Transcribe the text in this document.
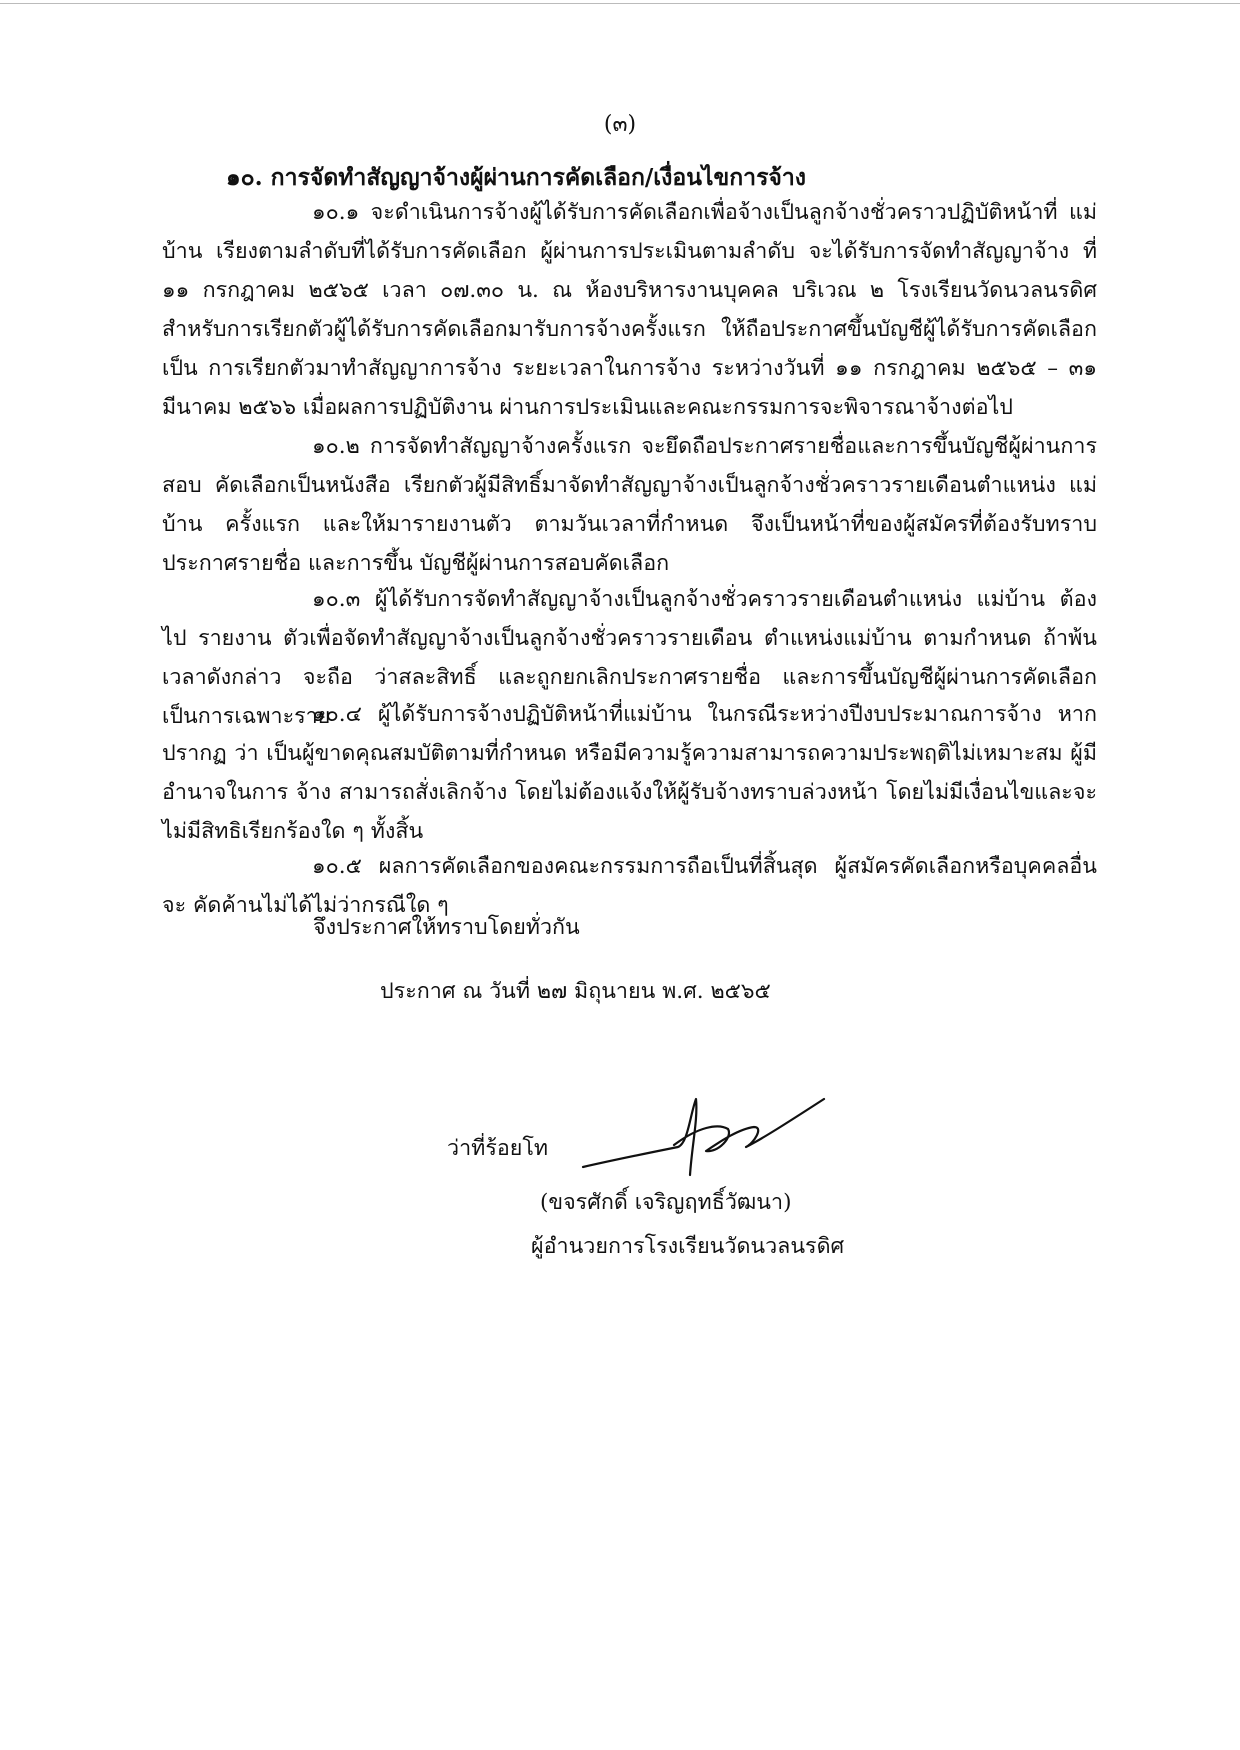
(๓)
๑๐. การจัดทำสัญญาจ้างผู้ผ่านการคัดเลือก/เงื่อนไขการจ้าง
๑๐.๑ จะดำเนินการจ้างผู้ได้รับการคัดเลือกเพื่อจ้างเป็นลูกจ้างชั่วคราวปฏิบัติหน้าที่ แม่บ้าน เรียงตามลำดับที่ได้รับการคัดเลือก ผู้ผ่านการประเมินตามลำดับ จะได้รับการจัดทำสัญญาจ้าง ที่ ๑๑ กรกฎาคม ๒๕๖๕ เวลา ๐๗.๓๐ น. ณ ห้องบริหารงานบุคคล บริเวณ ๒ โรงเรียนวัดนวลนรดิศ สำหรับการเรียกตัวผู้ได้รับการคัดเลือกมารับการจ้างครั้งแรก ให้ถือประกาศขึ้นบัญชีผู้ได้รับการคัดเลือกเป็น การเรียกตัวมาทำสัญญาการจ้าง ระยะเวลาในการจ้าง ระหว่างวันที่ ๑๑ กรกฎาคม ๒๕๖๕ – ๓๑ มีนาคม ๒๕๖๖ เมื่อผลการปฏิบัติงาน ผ่านการประเมินและคณะกรรมการจะพิจารณาจ้างต่อไป
๑๐.๒ การจัดทำสัญญาจ้างครั้งแรก จะยึดถือประกาศรายชื่อและการขึ้นบัญชีผู้ผ่านการสอบ คัดเลือกเป็นหนังสือ เรียกตัวผู้มีสิทธิ์มาจัดทำสัญญาจ้างเป็นลูกจ้างชั่วคราวรายเดือนตำแหน่ง แม่บ้าน ครั้งแรก และให้มารายงานตัว ตามวันเวลาที่กำหนด จึงเป็นหน้าที่ของผู้สมัครที่ต้องรับทราบประกาศรายชื่อ และการขึ้น บัญชีผู้ผ่านการสอบคัดเลือก
๑๐.๓ ผู้ได้รับการจัดทำสัญญาจ้างเป็นลูกจ้างชั่วคราวรายเดือนตำแหน่ง แม่บ้าน ต้องไป รายงาน ตัวเพื่อจัดทำสัญญาจ้างเป็นลูกจ้างชั่วคราวรายเดือน ตำแหน่งแม่บ้าน ตามกำหนด ถ้าพ้นเวลาดังกล่าว จะถือ ว่าสละสิทธิ์ และถูกยกเลิกประกาศรายชื่อ และการขึ้นบัญชีผู้ผ่านการคัดเลือกเป็นการเฉพาะราย
๑๐.๔ ผู้ได้รับการจ้างปฏิบัติหน้าที่แม่บ้าน ในกรณีระหว่างปีงบประมาณการจ้าง หากปรากฏ ว่า เป็นผู้ขาดคุณสมบัติตามที่กำหนด หรือมีความรู้ความสามารถความประพฤติไม่เหมาะสม ผู้มีอำนาจในการ จ้าง สามารถสั่งเลิกจ้าง โดยไม่ต้องแจ้งให้ผู้รับจ้างทราบล่วงหน้า โดยไม่มีเงื่อนไขและจะไม่มีสิทธิเรียกร้องใด ๆ ทั้งสิ้น
๑๐.๕ ผลการคัดเลือกของคณะกรรมการถือเป็นที่สิ้นสุด ผู้สมัครคัดเลือกหรือบุคคลอื่นจะ คัดค้านไม่ได้ไม่ว่ากรณีใด ๆ
จึงประกาศให้ทราบโดยทั่วกัน
ประกาศ ณ วันที่ ๒๗ มิถุนายน พ.ศ. ๒๕๖๕
ว่าที่ร้อยโท
(ขจรศักดิ์ เจริญฤทธิ์วัฒนา)
ผู้อำนวยการโรงเรียนวัดนวลนรดิศ
